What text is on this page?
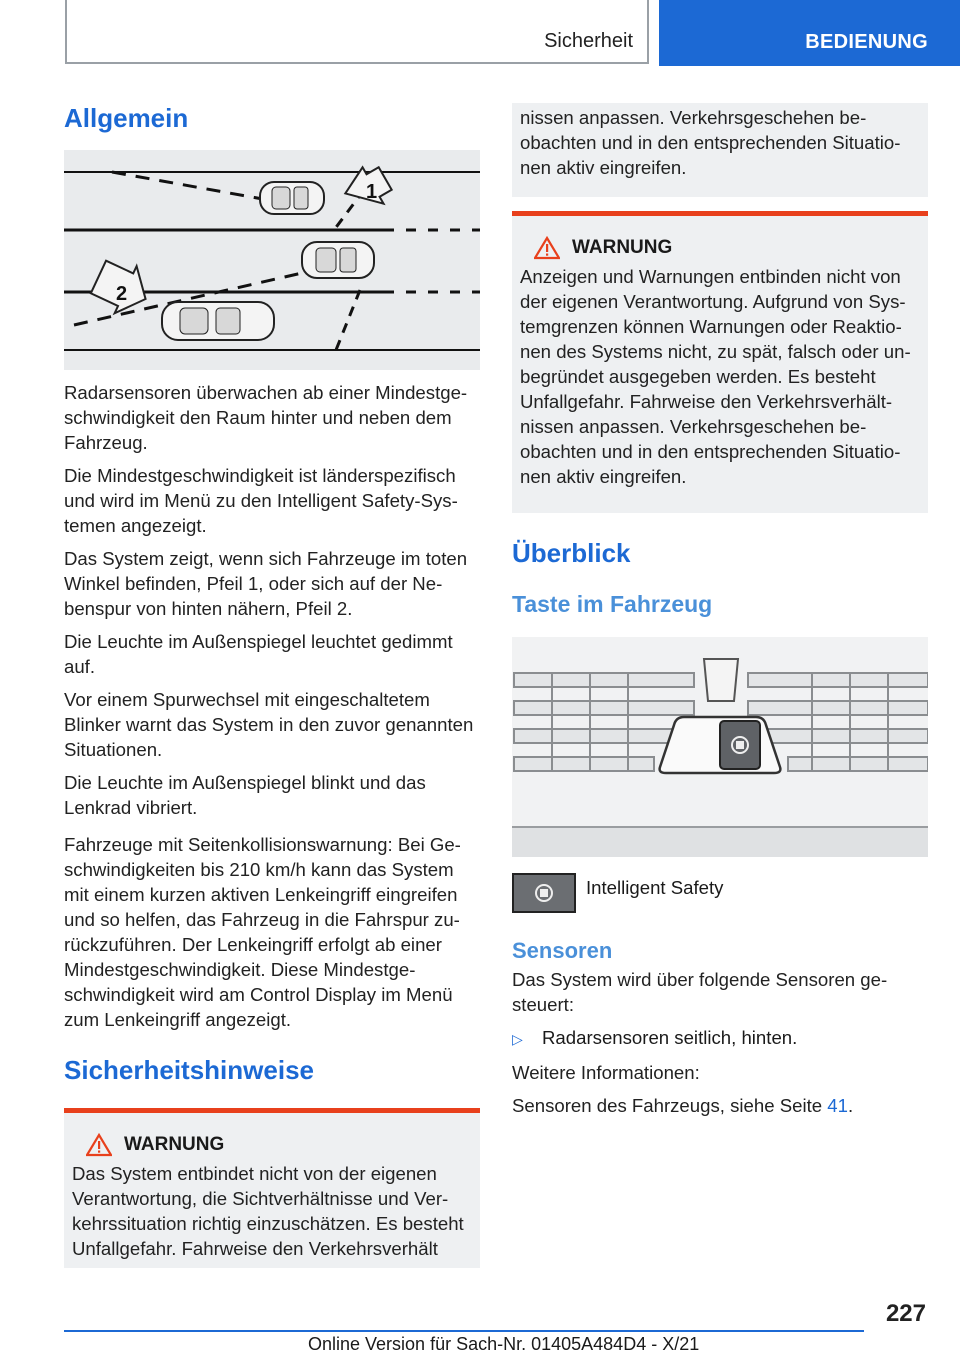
Sicherheit	BEDIENUNG
Allgemein
1
2

Radarsensoren überwachen ab einer Mindestgeschwindigkeit den Raum hinter und neben dem Fahrzeug.

Die Mindestgeschwindigkeit ist länderspezifisch und wird im Menü zu den Intelligent Safety-Systemen angezeigt.

Das System zeigt, wenn sich Fahrzeuge im toten Winkel befinden, Pfeil 1, oder sich auf der Nebenspur von hinten nähern, Pfeil 2.

Die Leuchte im Außenspiegel leuchtet gedimmt auf.

Vor einem Spurwechsel mit eingeschaltetem Blinker warnt das System in den zuvor genannten Situationen.

Die Leuchte im Außenspiegel blinkt und das Lenkrad vibriert.

Fahrzeuge mit Seitenkollisionswarnung: Bei Geschwindigkeiten bis 210 km/h kann das System mit einem kurzen aktiven Lenkeingriff eingreifen und so helfen, das Fahrzeug in die Fahrspur zurückzuführen. Der Lenkeingriff erfolgt ab einer Mindestgeschwindigkeit. Diese Mindestgeschwindigkeit wird am Control Display im Menü zum Lenkeingriff angezeigt.

Sicherheitshinweise
WARNUNG

Das System entbindet nicht von der eigenen Verantwortung, die Sichtverhältnisse und Verkehrssituation richtig einzuschätzen. Es besteht Unfallgefahr. Fahrweise den Verkehrsverhält

nissen anpassen. Verkehrsgeschehen beobachten und in den entsprechenden Situationen aktiv eingreifen.

WARNUNG

Anzeigen und Warnungen entbinden nicht von der eigenen Verantwortung. Aufgrund von Systemgrenzen können Warnungen oder Reaktionen des Systems nicht, zu spät, falsch oder unbegründet ausgegeben werden. Es besteht Unfallgefahr. Fahrweise den Verkehrsverhältnissen anpassen. Verkehrsgeschehen beobachten und in den entsprechenden Situationen aktiv eingreifen.

Überblick
Taste im Fahrzeug
Intelligent Safety
Sensoren

Das System wird über folgende Sensoren gesteuert:

▷	Radarsensoren seitlich, hinten.

Weitere Informationen:

Sensoren des Fahrzeugs, siehe Seite 41.

227
Online Version für Sach-Nr. 01405A484D4 - X/21
